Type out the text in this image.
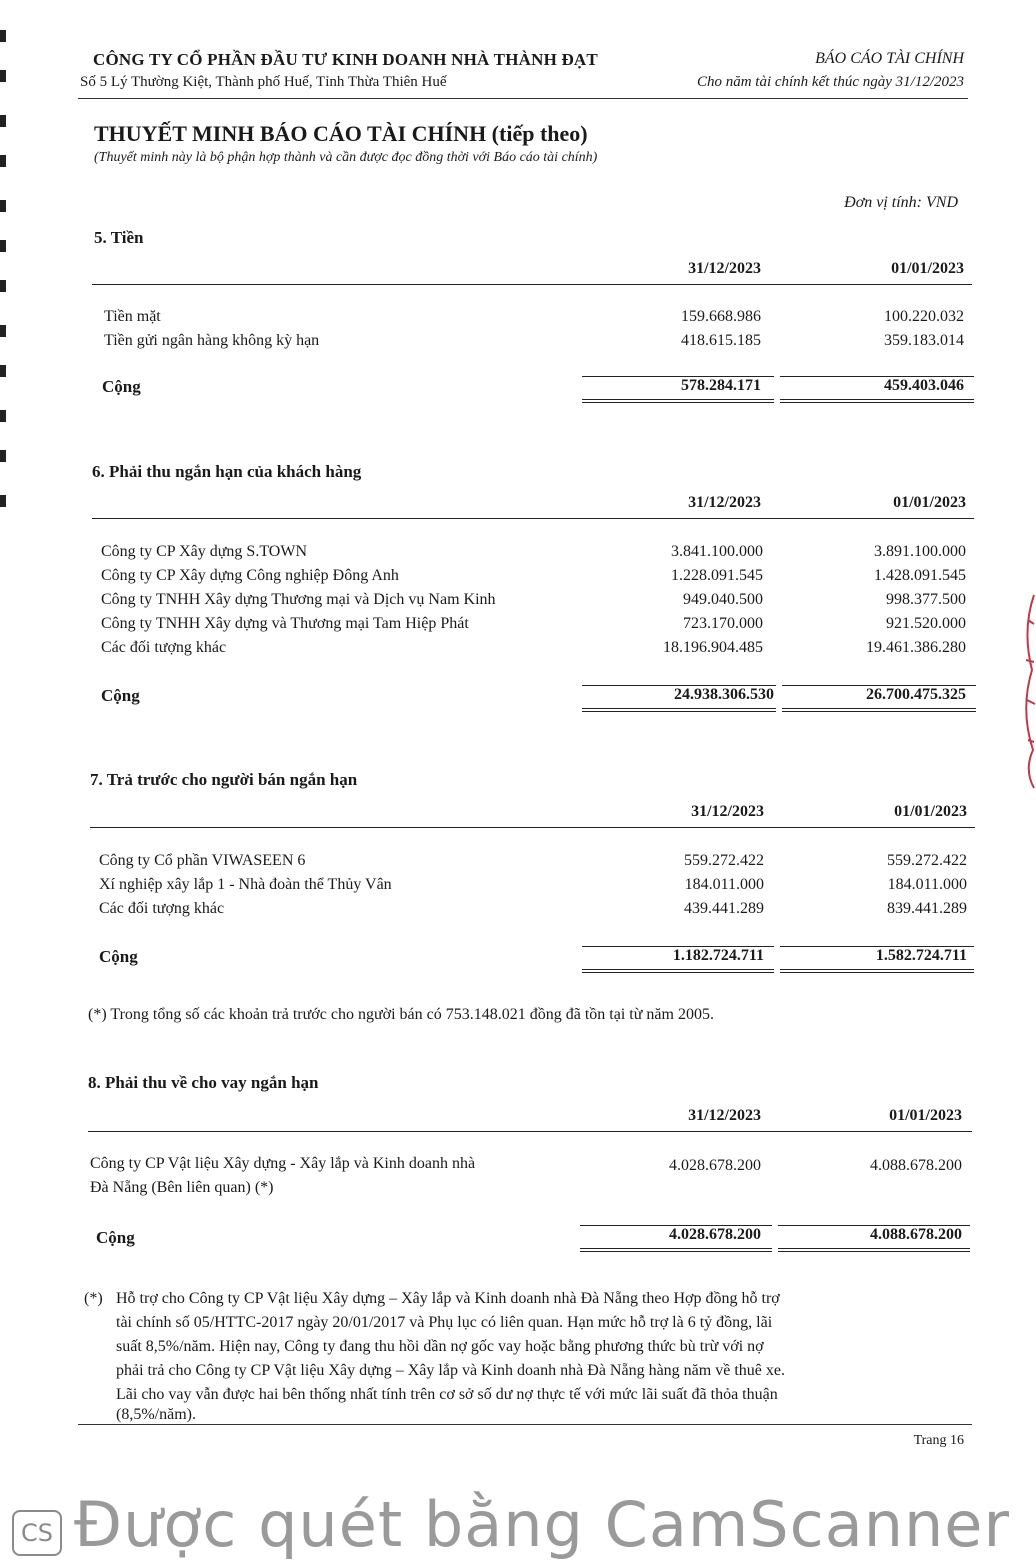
CÔNG TY CỔ PHẦN ĐẦU TƯ KINH DOANH NHÀ THÀNH ĐẠT	BÁO CÁO TÀI CHÍNH
Số 5 Lý Thường Kiệt, Thành phố Huế, Tỉnh Thừa Thiên Huế	Cho năm tài chính kết thúc ngày 31/12/2023
THUYẾT MINH BÁO CÁO TÀI CHÍNH (tiếp theo)
(Thuyết minh này là bộ phận hợp thành và cần được đọc đồng thời với Báo cáo tài chính)
Đơn vị tính: VND
5. Tiền
31/12/2023	01/01/2023
Tiền mặt	159.668.986	100.220.032
Tiền gửi ngân hàng không kỳ hạn	418.615.185	359.183.014
Cộng	578.284.171	459.403.046
6. Phải thu ngắn hạn của khách hàng
31/12/2023	01/01/2023
Công ty CP Xây dựng S.TOWN	3.841.100.000	3.891.100.000
Công ty CP Xây dựng Công nghiệp Đông Anh	1.228.091.545	1.428.091.545
Công ty TNHH Xây dựng Thương mại và Dịch vụ Nam Kinh	949.040.500	998.377.500
Công ty TNHH Xây dựng và Thương mại Tam Hiệp Phát	723.170.000	921.520.000
Các đối tượng khác	18.196.904.485	19.461.386.280
Cộng	24.938.306.530	26.700.475.325
7. Trả trước cho người bán ngắn hạn
31/12/2023	01/01/2023
Công ty Cổ phần VIWASEEN 6	559.272.422	559.272.422
Xí nghiệp xây lắp 1 - Nhà đoàn thể Thủy Vân	184.011.000	184.011.000
Các đối tượng khác	439.441.289	839.441.289
Cộng	1.182.724.711	1.582.724.711
(*) Trong tổng số các khoản trả trước cho người bán có 753.148.021 đồng đã tồn tại từ năm 2005.
8. Phải thu về cho vay ngắn hạn
31/12/2023	01/01/2023
Công ty CP Vật liệu Xây dựng - Xây lắp và Kinh doanh nhà
Đà Nẵng (Bên liên quan) (*)
4.028.678.200	4.088.678.200
Cộng	4.028.678.200	4.088.678.200
(*) Hỗ trợ cho Công ty CP Vật liệu Xây dựng – Xây lắp và Kinh doanh nhà Đà Nẵng theo Hợp đồng hỗ trợ
tài chính số 05/HTTC-2017 ngày 20/01/2017 và Phụ lục có liên quan. Hạn mức hỗ trợ là 6 tỷ đồng, lãi
suất 8,5%/năm. Hiện nay, Công ty đang thu hồi dần nợ gốc vay hoặc bằng phương thức bù trừ với nợ
phải trả cho Công ty CP Vật liệu Xây dựng – Xây lắp và Kinh doanh nhà Đà Nẵng hàng năm về thuê xe.
Lãi cho vay vẫn được hai bên thống nhất tính trên cơ sở số dư nợ thực tế với mức lãi suất đã thỏa thuận
(8,5%/năm).
Trang 16
CS Được quét bằng CamScanner
